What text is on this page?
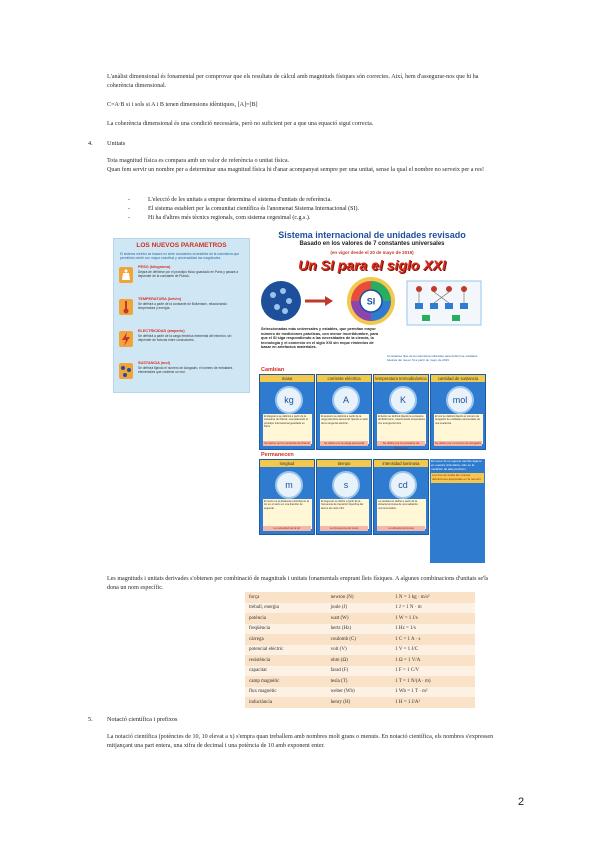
L'anàlisi dimensional és fonamental per comprovar que els resultats de càlcul amb magnituds físiques són correctes. Així, hem d'assegurar-nos que hi ha coherència dimensional.
C=A∙B si i sols si A i B tenen dimensions idèntiques, [A]=[B]
La coherència dimensional és una condició necessària, però no suficient per a que una equació sigui correcta.
4. Unitats
Tota magnitud física es compara amb un valor de referència o unitat física.
Quan fem servir un nombre per a determinar una magnitud física hi d'anar acompanyat sempre per una unitat, sense la qual el nombre no serveix per a res!
-	L'elecció de les unitats a emprar determina el sistema d'unitats de referència.
-	El sistema establert per la comunitat científica és l'anomenat Sistema Internacional (SI).
-	Hi ha d'altres més tècnics regionals, com sistema cegesimal (c.g.s.).
LOS NUEVOS PARAMETROS
El sistema métrico se basará en siete constantes invariables de la naturaleza que permitirán medir con mayor exactitud y universalidad las magnitudes.
PESO (kilogramo)
Dejará de definirse por el prototipo físico guardado en París y pasará a depender de la constante de Planck.
TEMPERATURA (kelvin)
Se definirá a partir de la constante de Boltzmann, relacionando temperatura y energía.
ELECTRICIDAD (amperio)
Se definirá a partir de la carga eléctrica elemental del electrón, sin depender de fuerzas entre conductores.
SUSTANCIA (mol)
Se definirá fijando el número de Avogadro, el número de entidades elementales que contiene un mol.
Sistema internacional de unidades revisado
Basado en los valores de 7 constantes universales
(en vigor desde el 20 de mayo de 2019)
Un SI para el siglo XXI
SI
Seleccionadas más universales y estables, que permitan mayor número de mediciones prácticas, con menor incertidumbre, para que el SI siga respondiendo a las necesidades de la ciencia, la tecnología y el comercio en el siglo XXI sin reque rimientos de basar en artefactos materiales.
Constantes fijas de la naturaleza utilizadas para definir las unidades básicas del nuevo SI a partir de mayo de 2019
Cambian
masa
kg
El kilogramo se definirá a partir de la constante de Planck, reemplazando el prototipo internacional guardado en París.
Se define por la constante de Planck
corriente eléctrica
A
El amperio se definirá a partir de la carga eléctrica elemental, fijando el valor de la carga del electrón.
Se define por la carga elemental
temperatura termodinámica
K
El kelvin se definirá fijando la constante de Boltzmann, relacionando temperatura con energía térmica.
Se define por la constante de Boltzmann
cantidad de sustancia
mol
El mol se definirá fijando el número de Avogadro de entidades elementales de una sustancia.
Se define por el número de Avogadro
Permanecen
longitud
m
El metro es la distancia recorrida por la luz en el vacío en una fracción de segundo.
La velocidad de la luz
tiempo
s
El segundo se define a partir de la frecuencia de transición hiperfina del átomo de cesio 133.
La frecuencia del cesio
intensidad luminosa
cd
La candela se define a partir de la eficacia luminosa de una radiación monocromática.
La eficacia luminosa
El nuevo SI no supone cambio alguno en nuestra vida diaria, sólo en la medición de alta precisión.
Los tres de todas las nuevas definiciones adoptadas en la reunión.
Les magnituds i unitats derivades s'obtenen per combinació de magnituds i unitats fonamentals emprant lleis físiques. A algunes combinacions d'unitats se'ls dona un nom específic.
força	newton (N)	1 N = 1 kg · m/s²
treball, energia	joule (J)	1 J = 1 N · m
potència	watt (W)	1 W = 1 J/s
freqüència	hertz (Hz)	1 Hz = 1/s
càrrega	coulomb (C)	1 C = 1 A · s
potencial elèctric	volt (V)	1 V = 1 J/C
resistència	ohm (Ω)	1 Ω = 1 V/A
capacitat	farad (F)	1 F = 1 C/V
camp magnètic	tesla (T)	1 T = 1 N/(A · m)
flux magnètic	weber (Wb)	1 Wb = 1 T · m²
inductància	henry (H)	1 H = 1 J/A²
5. Notació científica i prefixos
La notació científica (potències de 10, 10 elevat a x) s'empra quan treballem amb nombres molt grans o menuts. En notació científica, els nombres s'expressen mitjançant una part entera, una xifra de decimal i una potència de 10 amb exponent enter.
2
